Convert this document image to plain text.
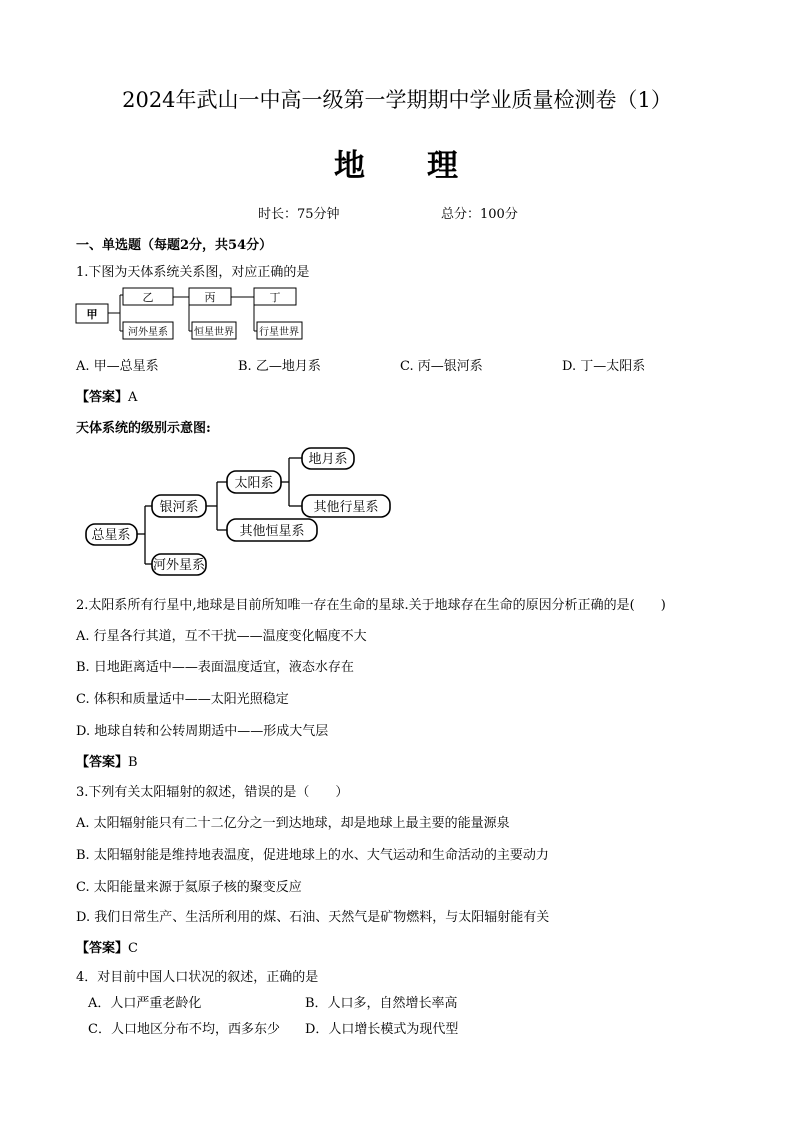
2024年武山一中高一级第一学期期中学业质量检测卷（1）
地 理
时长：75分钟	总分：100分
一、单选题（每题2分，共54分）
1.下图为天体系统关系图，对应正确的是
甲
乙	丙	丁
河外星系	恒星世界	行星世界
A. 甲—总星系	B. 乙—地月系	C. 丙—银河系	D. 丁—太阳系
【答案】A
天体系统的级别示意图:
总星系
银河系
河外星系
太阳系
其他恒星系
地月系
其他行星系
2.太阳系所有行星中,地球是目前所知唯一存在生命的星球.关于地球存在生命的原因分析正确的是(　　)
A. 行星各行其道，互不干扰——温度变化幅度不大
B. 日地距离适中——表面温度适宜，液态水存在
C. 体积和质量适中——太阳光照稳定
D. 地球自转和公转周期适中——形成大气层
【答案】B
3.下列有关太阳辐射的叙述，错误的是（　　）
A. 太阳辐射能只有二十二亿分之一到达地球，却是地球上最主要的能量源泉
B. 太阳辐射能是维持地表温度，促进地球上的水、大气运动和生命活动的主要动力
C. 太阳能量来源于氦原子核的聚变反应
D. 我们日常生产、生活所利用的煤、石油、天然气是矿物燃料，与太阳辐射能有关
【答案】C
4．对目前中国人口状况的叙述，正确的是
A．人口严重老龄化	B．人口多，自然增长率高
C．人口地区分布不均，西多东少 D．人口增长模式为现代型
